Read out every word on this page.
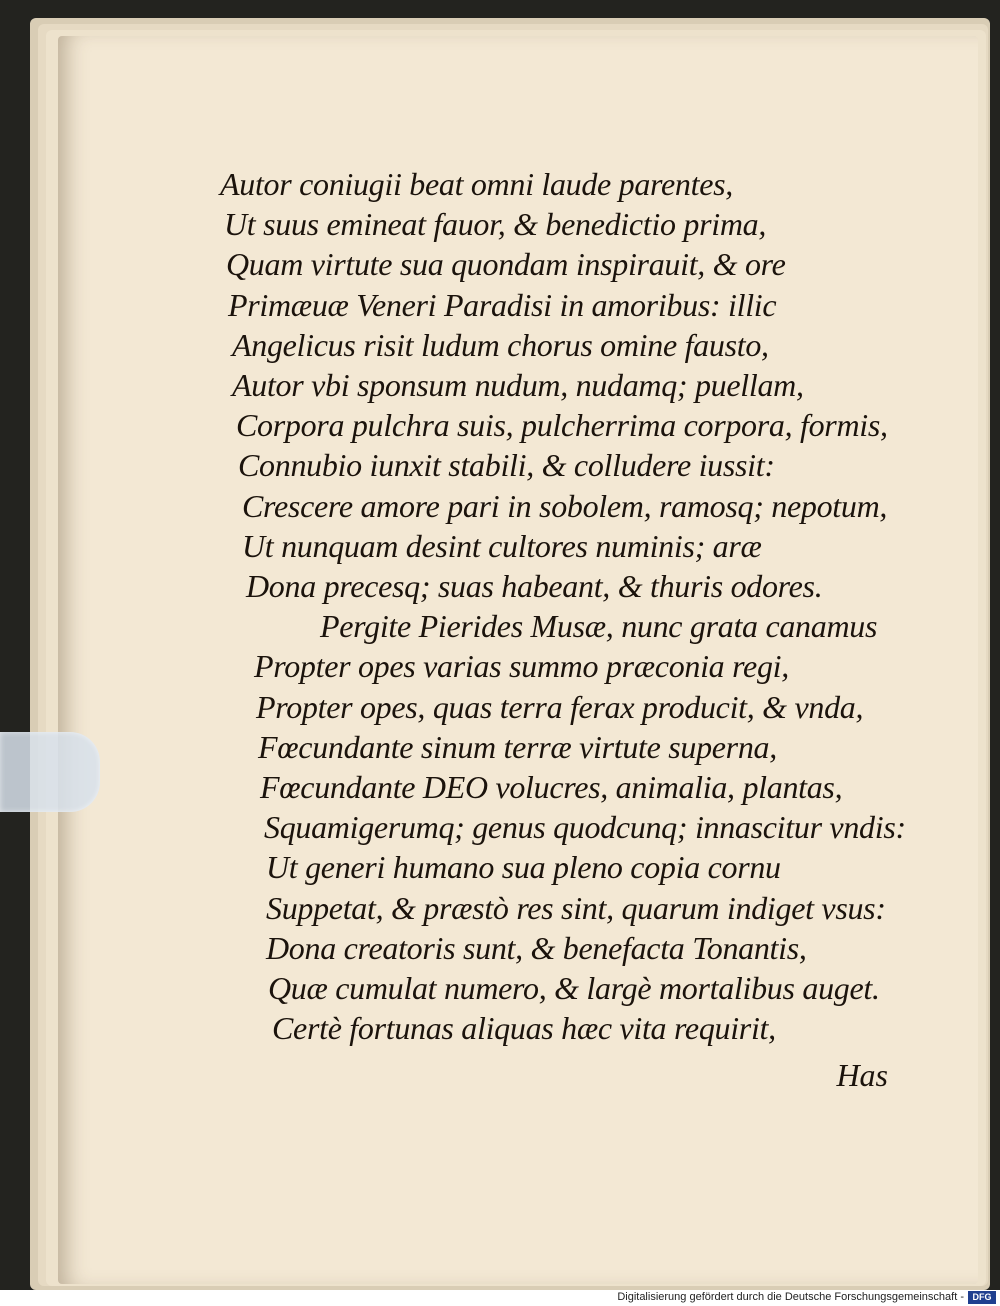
Autor coniugii beat omni laude parentes,
Ut suus emineat fauor, & benedictio prima,
Quam virtute sua quondam inspirauit, & ore
Primæuæ Veneri Paradisi in amoribus: illic
Angelicus risit ludum chorus omine fausto,
Autor vbi sponsum nudum, nudamq; puellam,
Corpora pulchra suis, pulcherrima corpora, formis,
Connubio iunxit stabili, & colludere iussit:
Crescere amore pari in sobolem, ramosq; nepotum,
Ut nunquam desint cultores numinis; aræ
Dona precesq; suas habeant, & thuris odores.
Pergite Pierides Musæ, nunc grata canamus
Propter opes varias summo præconia regi,
Propter opes, quas terra ferax producit, & vnda,
Fœcundante sinum terræ virtute superna,
Fœcundante DEO volucres, animalia, plantas,
Squamigerumq; genus quodcunq; innascitur vndis:
Ut generi humano sua pleno copia cornu
Suppetat, & præstò res sint, quarum indiget vsus:
Dona creatoris sunt, & benefacta Tonantis,
Quæ cumulat numero, & largè mortalibus auget.
Certè fortunas aliquas hæc vita requirit,
Has
Digitalisierung gefördert durch die Deutsche Forschungsgemeinschaft - DFG
